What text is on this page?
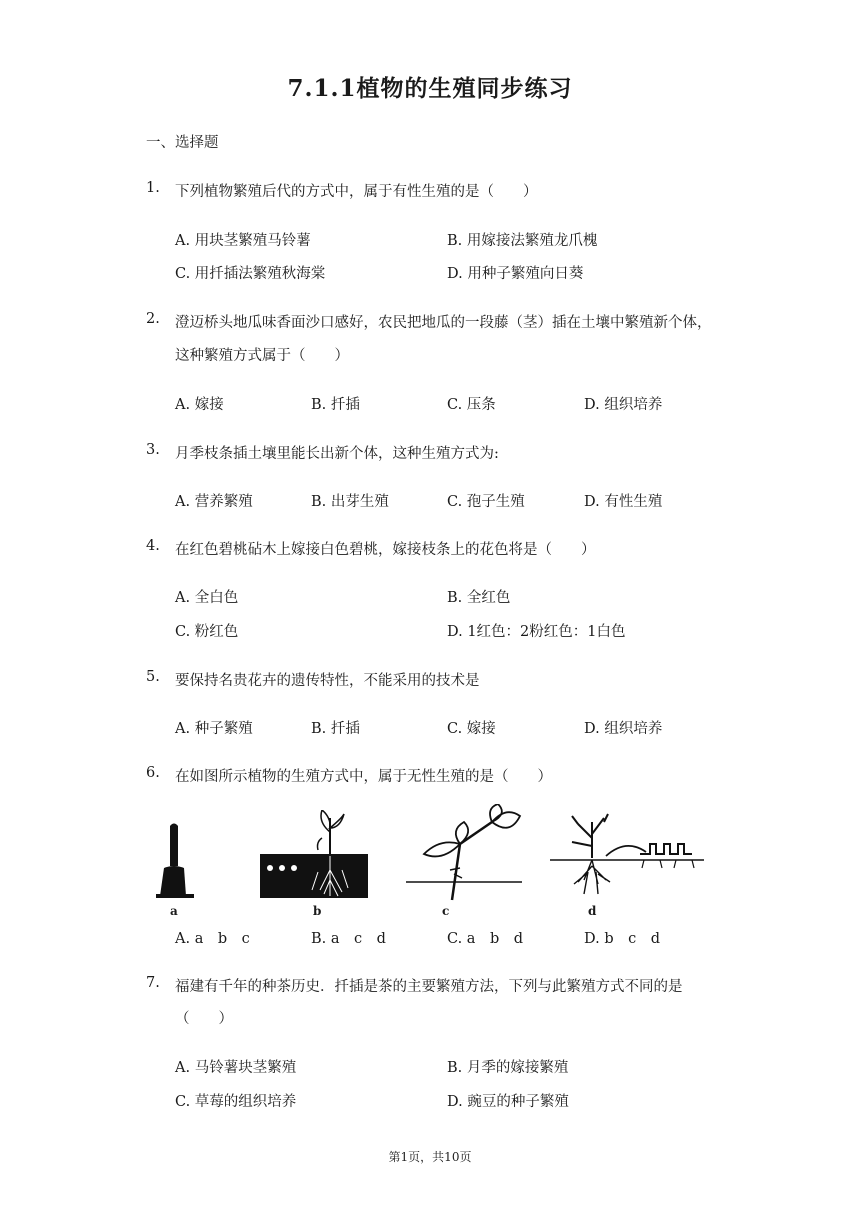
7.1.1植物的生殖同步练习
一、选择题
1. 下列植物繁殖后代的方式中，属于有性生殖的是（　　）
A. 用块茎繁殖马铃薯	B. 用嫁接法繁殖龙爪槐
C. 用扦插法繁殖秋海棠	D. 用种子繁殖向日葵
2. 澄迈桥头地瓜味香面沙口感好，农民把地瓜的一段藤（茎）插在土壤中繁殖新个体，
这种繁殖方式属于（　　）
A. 嫁接	B. 扦插	C. 压条	D. 组织培养
3. 月季枝条插土壤里能长出新个体，这种生殖方式为:
A. 营养繁殖	B. 出芽生殖	C. 孢子生殖	D. 有性生殖
4. 在红色碧桃砧木上嫁接白色碧桃，嫁接枝条上的花色将是（　　）
A. 全白色	B. 全红色
C. 粉红色	D. 1红色：2粉红色：1白色
5. 要保持名贵花卉的遗传特性，不能采用的技术是
A. 种子繁殖	B. 扦插	C. 嫁接	D. 组织培养
6. 在如图所示植物的生殖方式中，属于无性生殖的是（　　）
a	b	c	d
A. a　b　c	B. a　c　d	C. a　b　d	D. b　c　d
7. 福建有千年的种茶历史．扦插是茶的主要繁殖方法，下列与此繁殖方式不同的是
（　　）
A. 马铃薯块茎繁殖	B. 月季的嫁接繁殖
C. 草莓的组织培养	D. 豌豆的种子繁殖
第1页，共10页
